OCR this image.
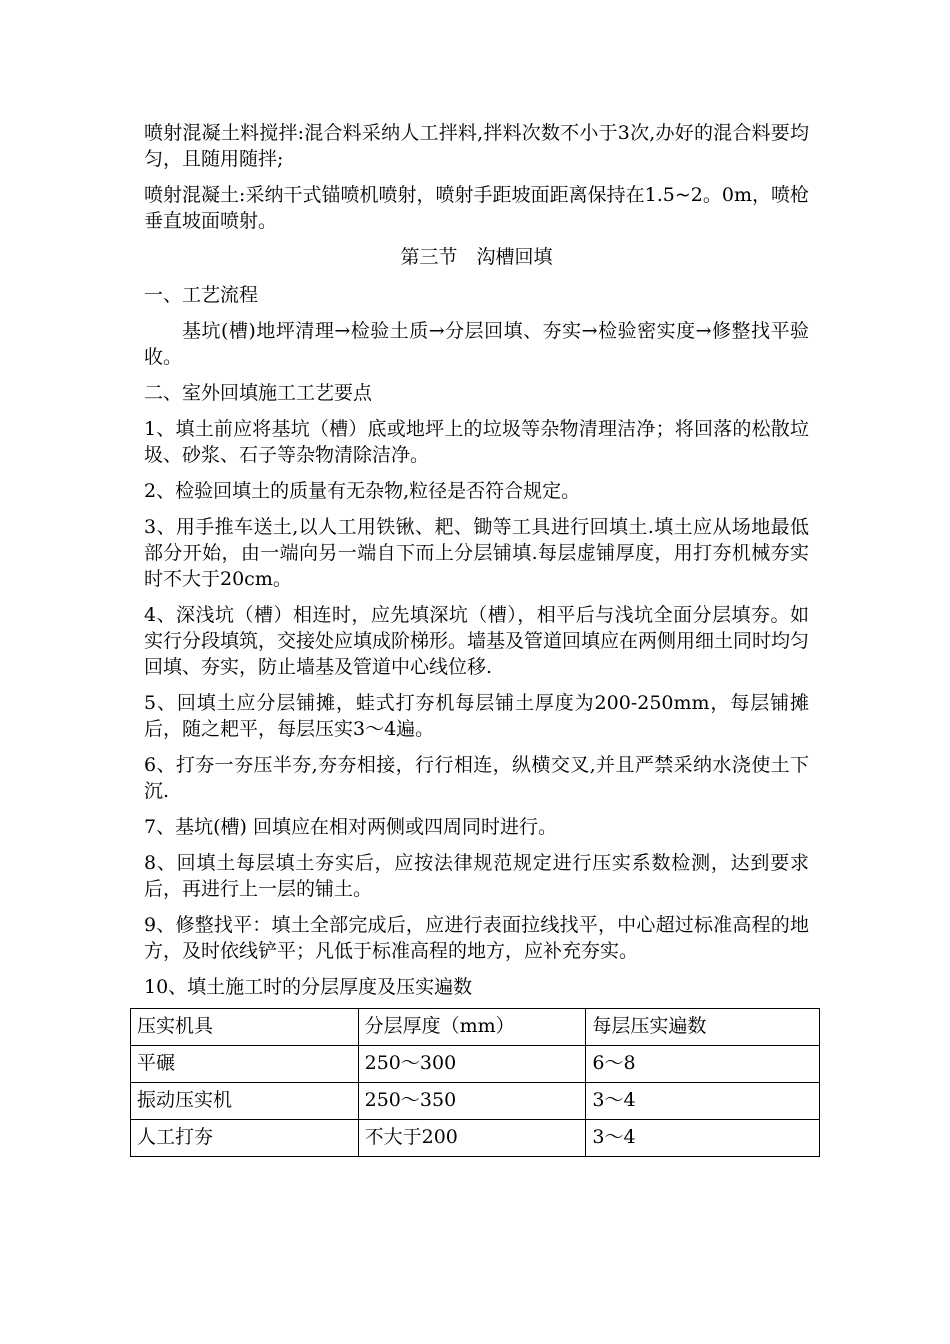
喷射混凝土料搅拌:混合料采纳人工拌料,拌料次数不小于3次,办好的混合料要均匀，且随用随拌;

喷射混凝土:采纳干式锚喷机喷射，喷射手距坡面距离保持在1.5~2。0m，喷枪垂直坡面喷射。

第三节　沟槽回填

一、工艺流程

基坑(槽)地坪清理→检验土质→分层回填、夯实→检验密实度→修整找平验收。

二、室外回填施工工艺要点

1、填土前应将基坑（槽）底或地坪上的垃圾等杂物清理洁净；将回落的松散垃圾、砂浆、石子等杂物清除洁净。

2、检验回填土的质量有无杂物,粒径是否符合规定。

3、用手推车送土,以人工用铁锹、耙、锄等工具进行回填土.填土应从场地最低部分开始，由一端向另一端自下而上分层铺填.每层虚铺厚度，用打夯机械夯实时不大于20cm。

4、深浅坑（槽）相连时，应先填深坑（槽），相平后与浅坑全面分层填夯。如实行分段填筑，交接处应填成阶梯形。墙基及管道回填应在两侧用细土同时均匀回填、夯实，防止墙基及管道中心线位移.

5、回填土应分层铺摊，蛙式打夯机每层铺土厚度为200-250mm，每层铺摊后，随之耙平，每层压实3～4遍。

6、打夯一夯压半夯,夯夯相接，行行相连，纵横交叉,并且严禁采纳水浇使土下沉.

7、基坑(槽) 回填应在相对两侧或四周同时进行。

8、回填土每层填土夯实后，应按法律规范规定进行压实系数检测，达到要求后，再进行上一层的铺土。

9、修整找平：填土全部完成后，应进行表面拉线找平，中心超过标准高程的地方，及时依线铲平；凡低于标准高程的地方，应补充夯实。

10、填土施工时的分层厚度及压实遍数

压实机具	分层厚度（mm）	每层压实遍数
平碾	250～300	6～8
振动压实机	250～350	3～4
人工打夯	不大于200	3～4
